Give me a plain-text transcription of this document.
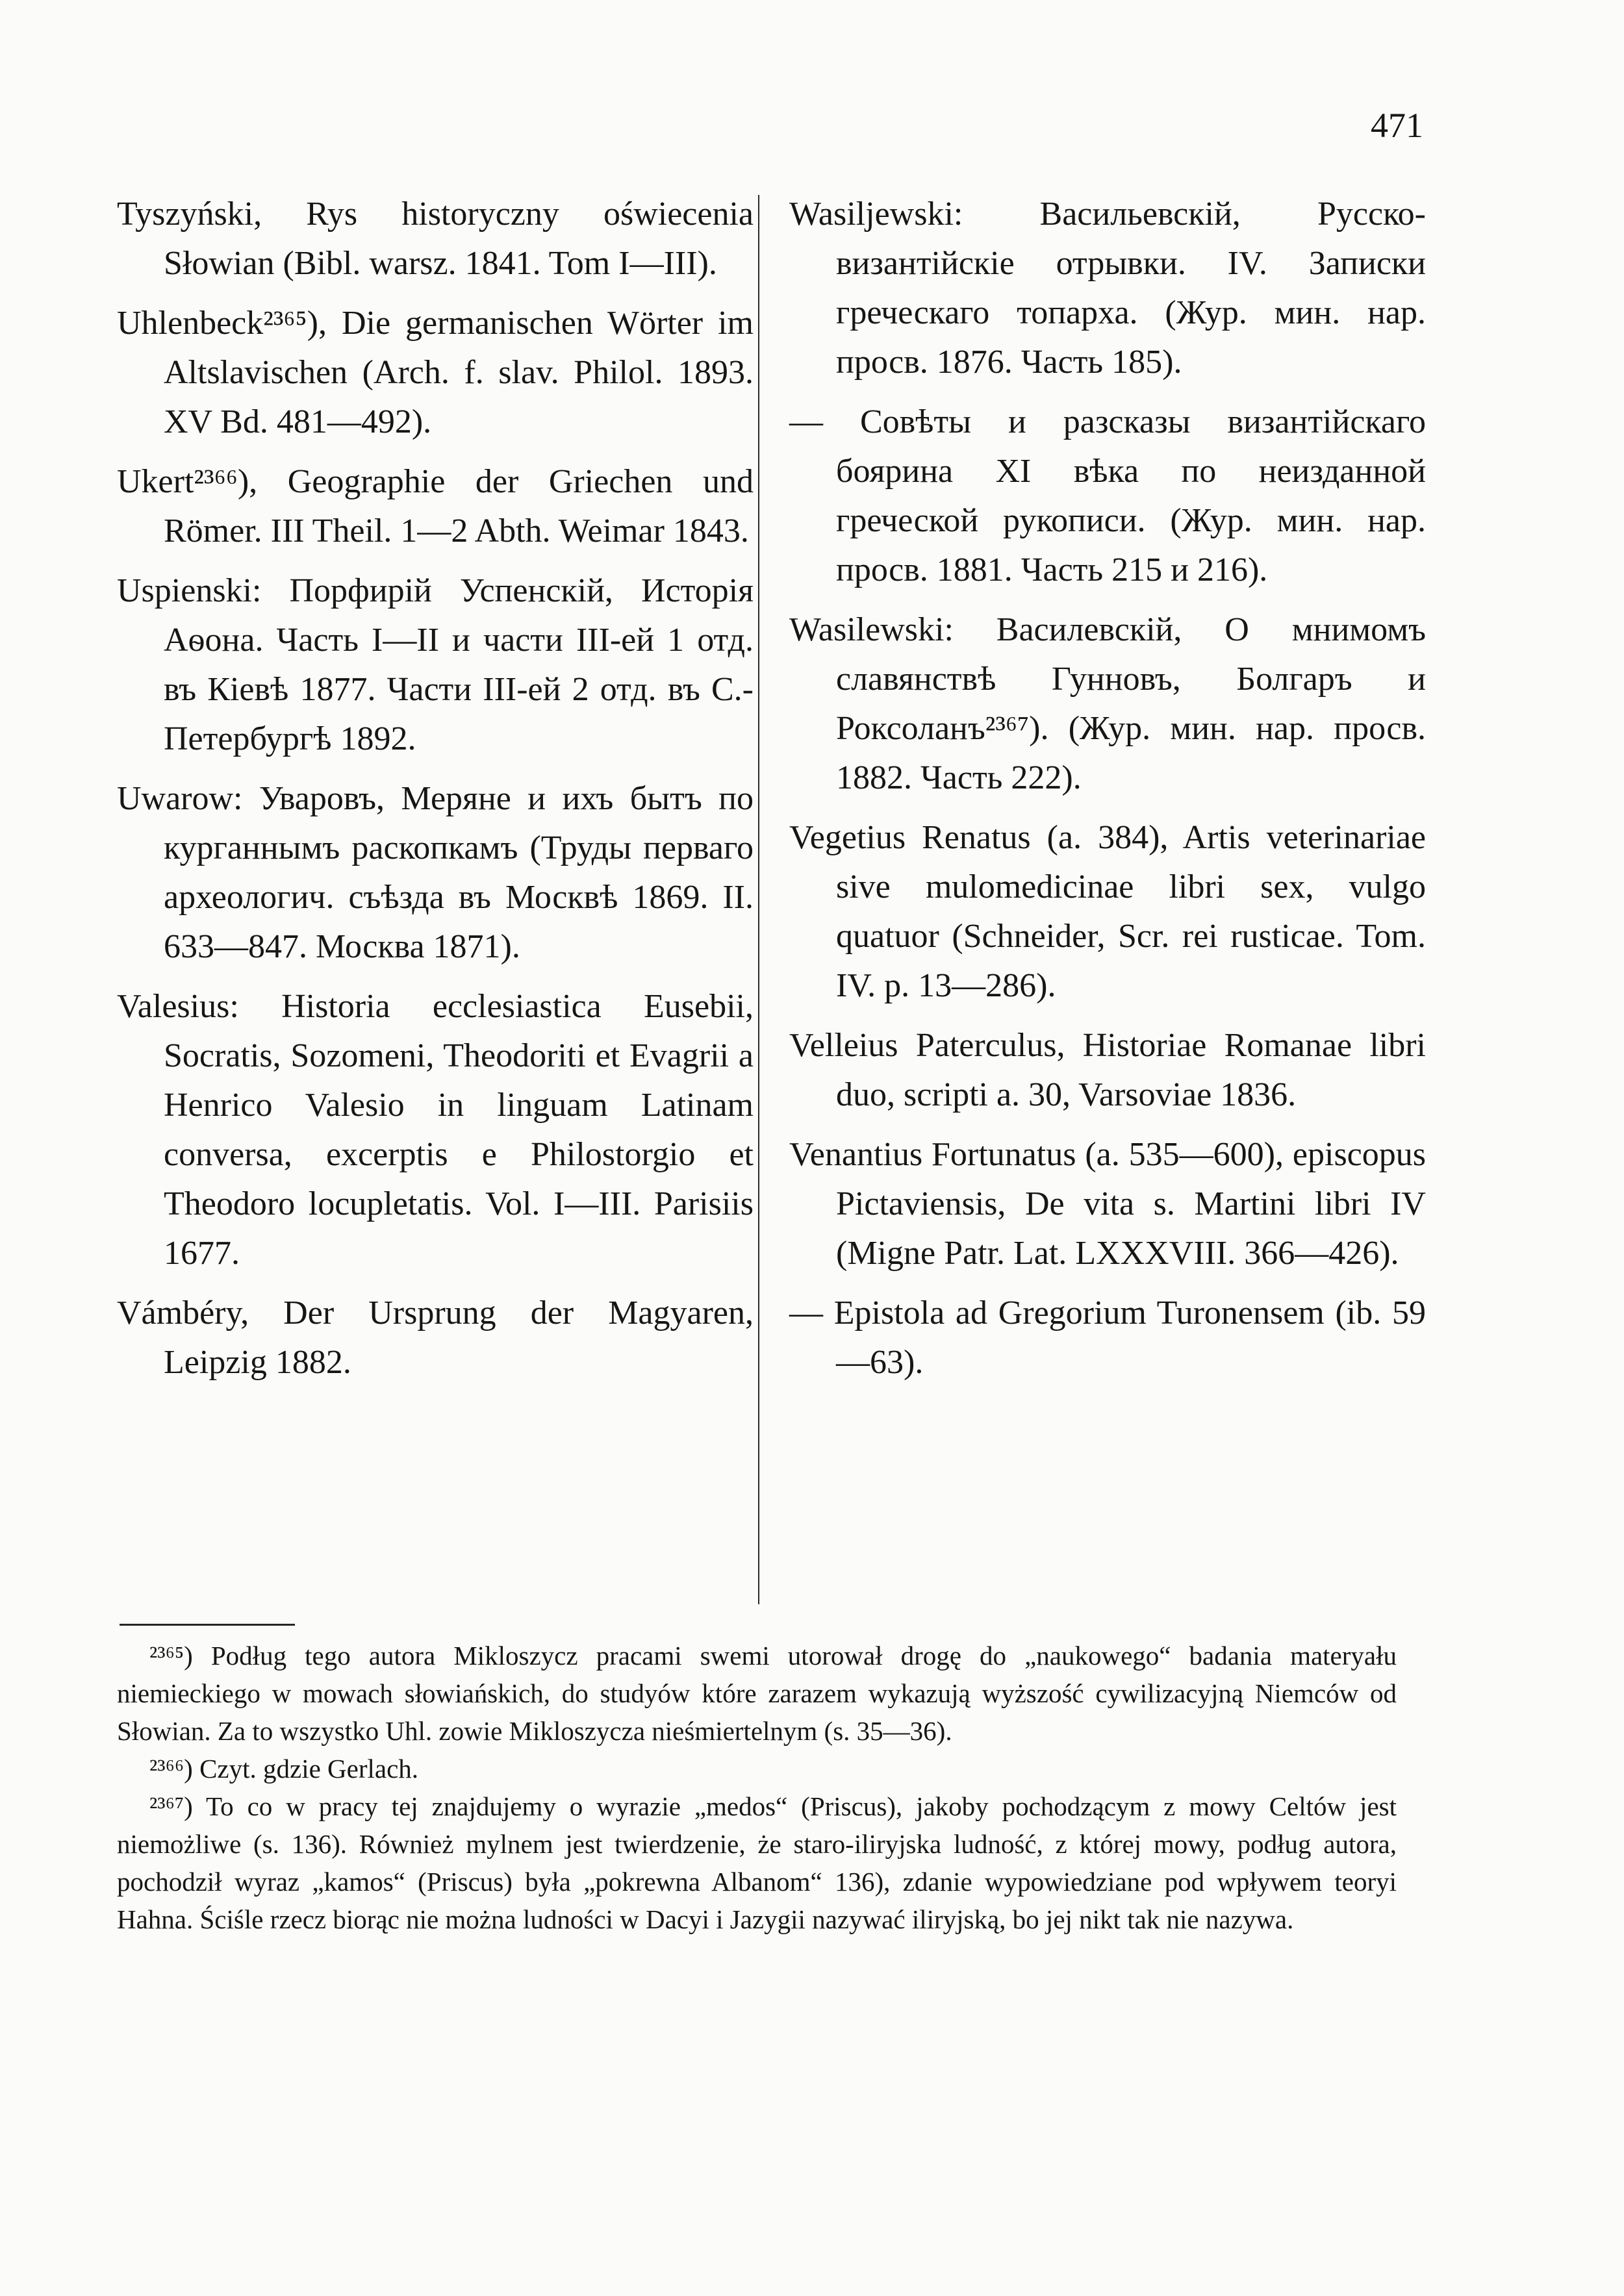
471

Tyszyński, Rys historyczny oświecenia Słowian (Bibl. warsz. 1841. Tom I—III).

Uhlenbeck²³⁶⁵), Die germanischen Wörter im Altslavischen (Arch. f. slav. Philol. 1893. XV Bd. 481—492).

Ukert²³⁶⁶), Geographie der Griechen und Römer. III Theil. 1—2 Abth. Weimar 1843.

Uspienski: Порфирій Успенскій, Исторія Аѳона. Часть I—II и части III-ей 1 отд. въ Кіевѣ 1877. Части III-ей 2 отд. въ С.-Петербургѣ 1892.

Uwarow: Уваровъ, Меряне и ихъ бытъ по курганнымъ раскопкамъ (Труды перваго археологич. съѣзда въ Москвѣ 1869. II. 633—847. Москва 1871).

Valesius: Historia ecclesiastica Eusebii, Socratis, Sozomeni, Theodoriti et Evagrii a Henrico Valesio in linguam Latinam conversa, excerptis e Philostorgio et Theodoro locupletatis. Vol. I—III. Parisiis 1677.

Vámbéry, Der Ursprung der Magyaren, Leipzig 1882.

Wasiljewski: Васильевскій, Русско-византійскіе отрывки. IV. Записки греческаго топарха. (Жур. мин. нар. просв. 1876. Часть 185).

— Совѣты и разсказы византійскаго боярина XI вѣка по неизданной греческой рукописи. (Жур. мин. нар. просв. 1881. Часть 215 и 216).

Wasilewski: Василевскій, О мнимомъ славянствѣ Гунновъ, Болгаръ и Роксоланъ²³⁶⁷). (Жур. мин. нар. просв. 1882. Часть 222).

Vegetius Renatus (a. 384), Artis veterinariae sive mulomedicinae libri sex, vulgo quatuor (Schneider, Scr. rei rusticae. Tom. IV. p. 13—286).

Velleius Paterculus, Historiae Romanae libri duo, scripti a. 30, Varsoviae 1836.

Venantius Fortunatus (a. 535—600), episcopus Pictaviensis, De vita s. Martini libri IV (Migne Patr. Lat. LXXXVIII. 366—426).

— Epistola ad Gregorium Turonensem (ib. 59—63).

²³⁶⁵) Podług tego autora Mikloszycz pracami swemi utorował drogę do „naukowego“ badania materyału niemieckiego w mowach słowiańskich, do studyów które zarazem wykazują wyższość cywilizacyjną Niemców od Słowian. Za to wszystko Uhl. zowie Mikloszycza nieśmiertelnym (s. 35—36).

²³⁶⁶) Czyt. gdzie Gerlach.

²³⁶⁷) To co w pracy tej znajdujemy o wyrazie „medos“ (Priscus), jakoby pochodzącym z mowy Celtów jest niemożliwe (s. 136). Również mylnem jest twierdzenie, że staro-iliryjska ludność, z której mowy, podług autora, pochodził wyraz „kamos“ (Priscus) była „pokrewna Albanom“ 136), zdanie wypowiedziane pod wpływem teoryi Hahna. Ściśle rzecz biorąc nie można ludności w Dacyi i Jazygii nazywać iliryjską, bo jej nikt tak nie nazywa.
